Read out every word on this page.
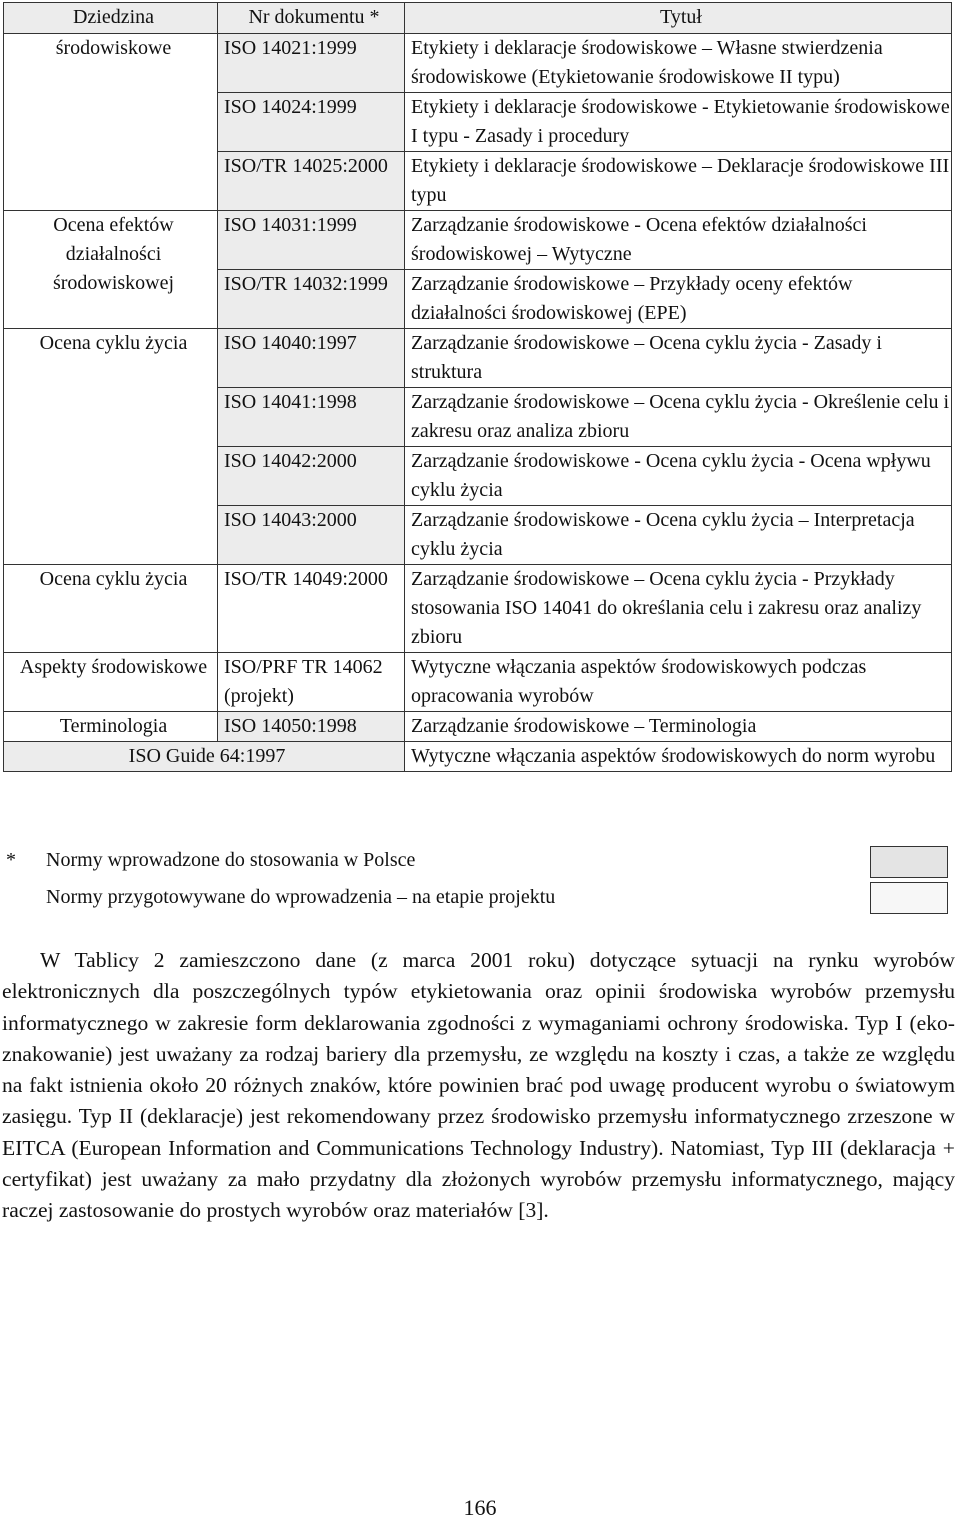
Dziedzina	Nr dokumentu *	Tytuł
środowiskowe	ISO 14021:1999	Etykiety i deklaracje środowiskowe – Własne stwierdzenia środowiskowe (Etykietowanie środowiskowe II typu)
	ISO 14024:1999	Etykiety i deklaracje środowiskowe - Etykietowanie środowiskowe I typu - Zasady i procedury
	ISO/TR 14025:2000	Etykiety i deklaracje środowiskowe – Deklaracje środowiskowe III typu
Ocena efektów działalności środowiskowej	ISO 14031:1999	Zarządzanie środowiskowe - Ocena efektów działalności środowiskowej – Wytyczne
	ISO/TR 14032:1999	Zarządzanie środowiskowe – Przykłady oceny efektów działalności środowiskowej (EPE)
Ocena cyklu życia	ISO 14040:1997	Zarządzanie środowiskowe – Ocena cyklu życia - Zasady i struktura
	ISO 14041:1998	Zarządzanie środowiskowe – Ocena cyklu życia - Określenie celu i zakresu oraz analiza zbioru
	ISO 14042:2000	Zarządzanie środowiskowe - Ocena cyklu życia - Ocena wpływu cyklu życia
	ISO 14043:2000	Zarządzanie środowiskowe - Ocena cyklu życia – Interpretacja cyklu życia
Ocena cyklu życia	ISO/TR 14049:2000	Zarządzanie środowiskowe – Ocena cyklu życia - Przykłady stosowania ISO 14041 do określania celu i zakresu oraz analizy zbioru
Aspekty środowiskowe	ISO/PRF TR 14062 (projekt)	Wytyczne włączania aspektów środowiskowych podczas opracowania wyrobów
Terminologia	ISO 14050:1998	Zarządzanie środowiskowe – Terminologia
ISO Guide 64:1997		Wytyczne włączania aspektów środowiskowych do norm wyrobu
* Normy wprowadzone do stosowania w Polsce
Normy przygotowywane do wprowadzenia – na etapie projektu

W Tablicy 2 zamieszczono dane (z marca 2001 roku) dotyczące sytuacji na rynku wyrobów elektronicznych dla poszczególnych typów etykietowania oraz opinii środowiska wyrobów przemysłu informatycznego w zakresie form deklarowania zgodności z wymaganiami ochrony środowiska. Typ I (eko-znakowanie) jest uważany za rodzaj bariery dla przemysłu, ze względu na koszty i czas, a także ze względu na fakt istnienia około 20 różnych znaków, które powinien brać pod uwagę producent wyrobu o światowym zasięgu. Typ II (deklaracje) jest rekomendowany przez środowisko przemysłu informatycznego zrzeszone w EITCA (European Information and Communications Technology Industry). Natomiast, Typ III (deklaracja + certyfikat) jest uważany za mało przydatny dla złożonych wyrobów przemysłu informatycznego, mający raczej zastosowanie do prostych wyrobów oraz materiałów [3].

166
